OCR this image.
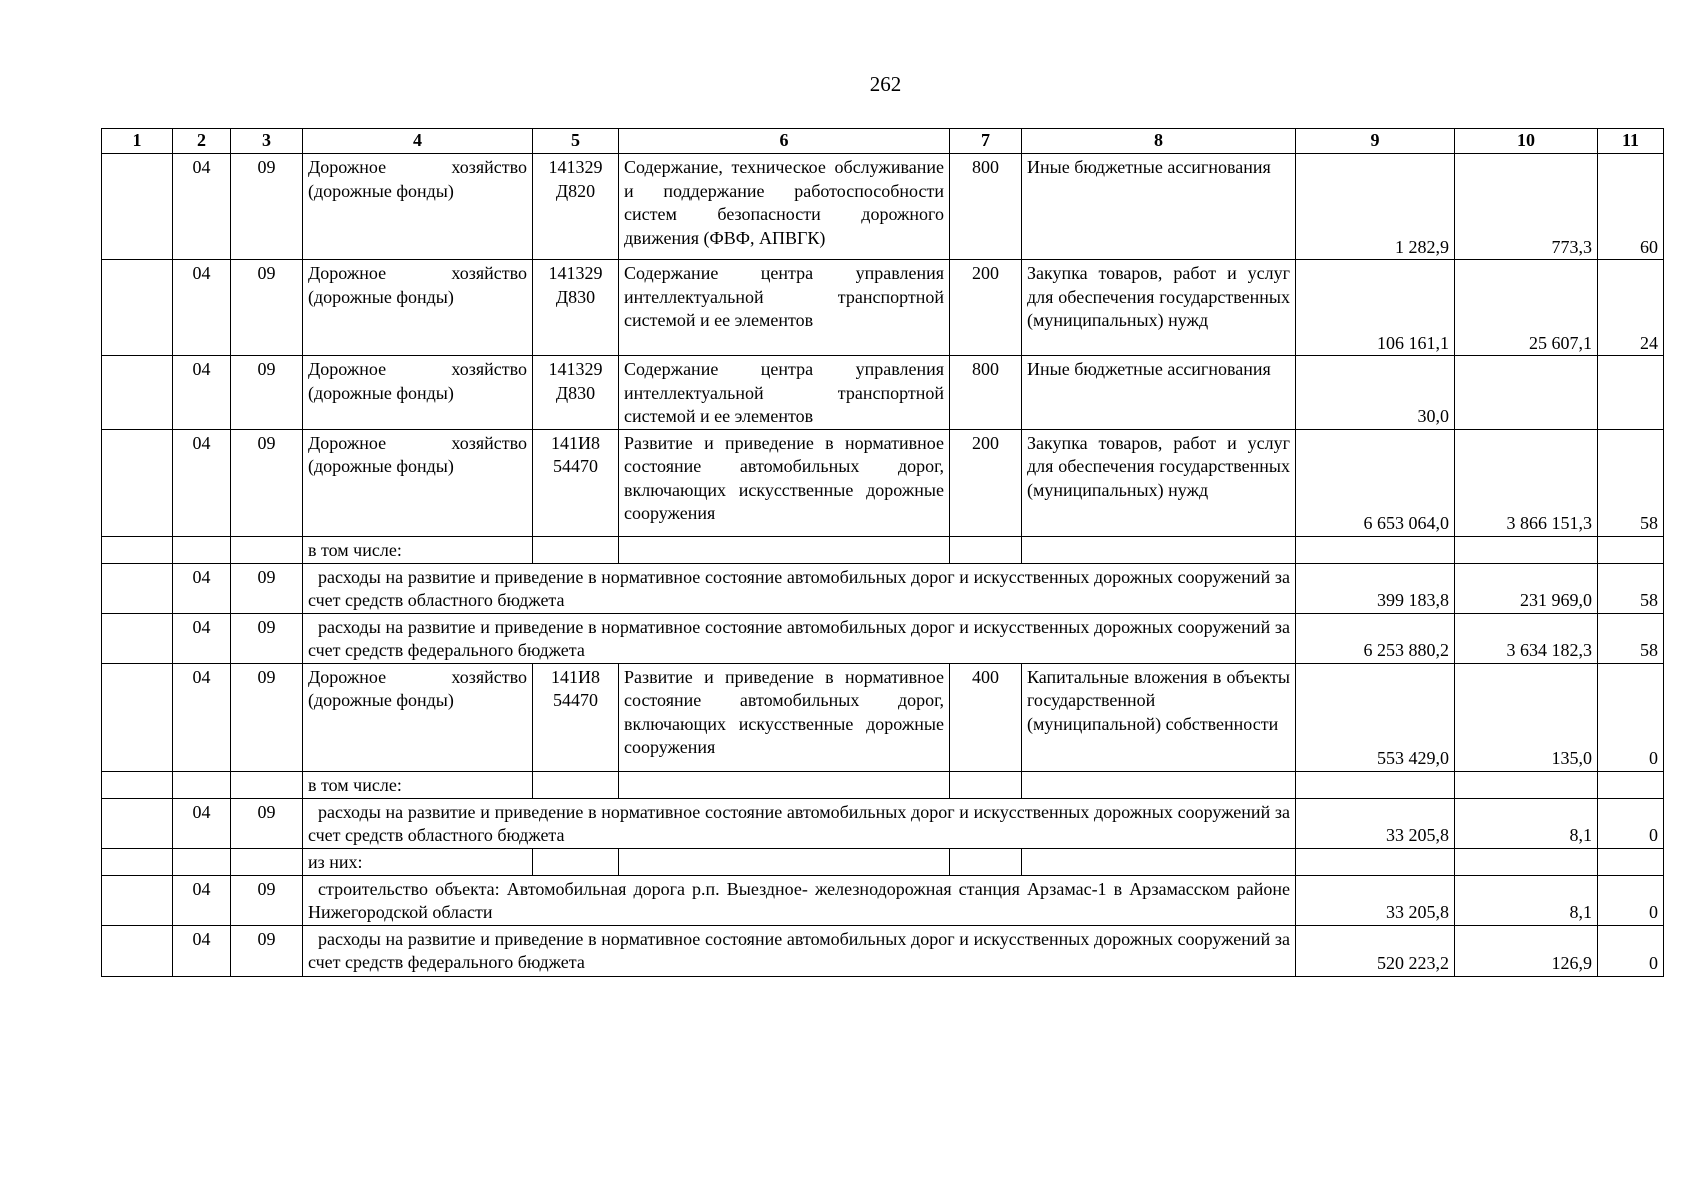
262
1	2	3	4	5	6	7	8	9	10	11
	04	09	Дорожное хозяйство (дорожные фонды)	141329 Д820	Содержание, техническое обслуживание и поддержание работоспособности систем безопасности дорожного движения (ФВФ, АПВГК)	800	Иные бюджетные ассигнования	1 282,9	773,3	60
	04	09	Дорожное хозяйство (дорожные фонды)	141329 Д830	Содержание центра управления интеллектуальной транспортной системой и ее элементов	200	Закупка товаров, работ и услуг для обеспечения государственных (муниципальных) нужд	106 161,1	25 607,1	24
	04	09	Дорожное хозяйство (дорожные фонды)	141329 Д830	Содержание центра управления интеллектуальной транспортной системой и ее элементов	800	Иные бюджетные ассигнования	30,0		
	04	09	Дорожное хозяйство (дорожные фонды)	141И8 54470	Развитие и приведение в нормативное состояние автомобильных дорог, включающих искусственные дорожные сооружения	200	Закупка товаров, работ и услуг для обеспечения государственных (муниципальных) нужд	6 653 064,0	3 866 151,3	58
			в том числе:							
	04	09	расходы на развитие и приведение в нормативное состояние автомобильных дорог и искусственных дорожных сооружений за счет средств областного бюджета					399 183,8	231 969,0	58
	04	09	расходы на развитие и приведение в нормативное состояние автомобильных дорог и искусственных дорожных сооружений за счет средств федерального бюджета					6 253 880,2	3 634 182,3	58
	04	09	Дорожное хозяйство (дорожные фонды)	141И8 54470	Развитие и приведение в нормативное состояние автомобильных дорог, включающих искусственные дорожные сооружения	400	Капитальные вложения в объекты государственной (муниципальной) собственности	553 429,0	135,0	0
			в том числе:							
	04	09	расходы на развитие и приведение в нормативное состояние автомобильных дорог и искусственных дорожных сооружений за счет средств областного бюджета					33 205,8	8,1	0
			из них:							
	04	09	строительство объекта: Автомобильная дорога р.п. Выездное- железнодорожная станция Арзамас-1 в Арзамасском районе Нижегородской области					33 205,8	8,1	0
	04	09	расходы на развитие и приведение в нормативное состояние автомобильных дорог и искусственных дорожных сооружений за счет средств федерального бюджета					520 223,2	126,9	0
